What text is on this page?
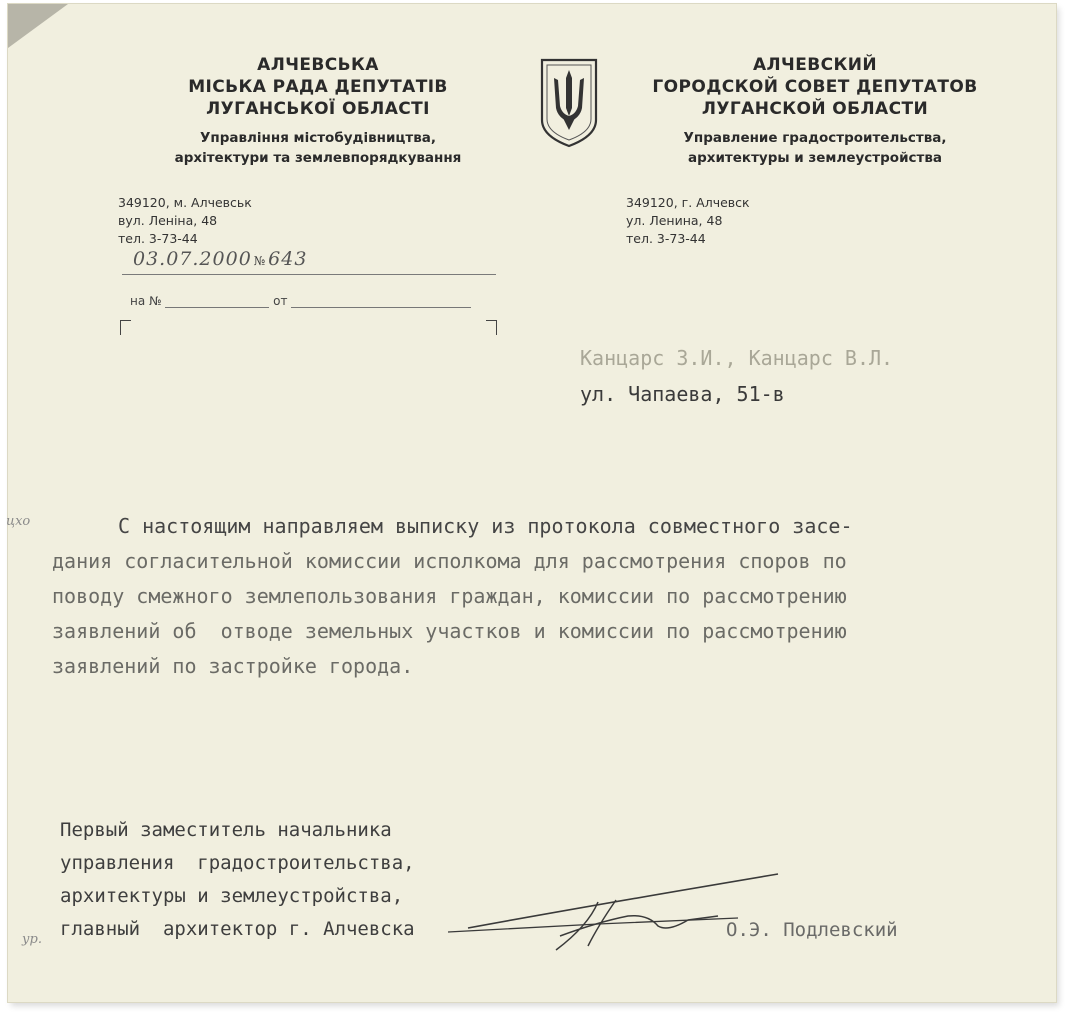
АЛЧЕВСЬКА
МІСЬКА РАДА ДЕПУТАТІВ
ЛУГАНСЬКОЇ ОБЛАСТІ
Управління містобудівництва,
архітектури та землевпорядкування
АЛЧЕВСКИЙ
ГОРОДСКОЙ СОВЕТ ДЕПУТАТОВ
ЛУГАНСКОЙ ОБЛАСТИ
Управление градостроительства,
архитектуры и землеустройства
349120, м. Алчевськ
вул. Леніна, 48
тел. 3-73-44
349120, г. Алчевск
ул. Ленина, 48
тел. 3-73-44
03.07.2000 № 643
на №	от
Канцарс З.И., Канцарс В.Л.
ул. Чапаева, 51-в
цхо
ур.
С настоящим направляем выписку из протокола совместного засе-
дания согласительной комиссии исполкома для рассмотрения споров по
поводу смежного землепользования граждан, комиссии по рассмотрению
заявлений об  отводе земельных участков и комиссии по рассмотрению
заявлений по застройке города.
Первый заместитель начальника
управления  градостроительства,
архитектуры и землеустройства,
главный  архитектор г. Алчевска	О.Э. Подлевский
